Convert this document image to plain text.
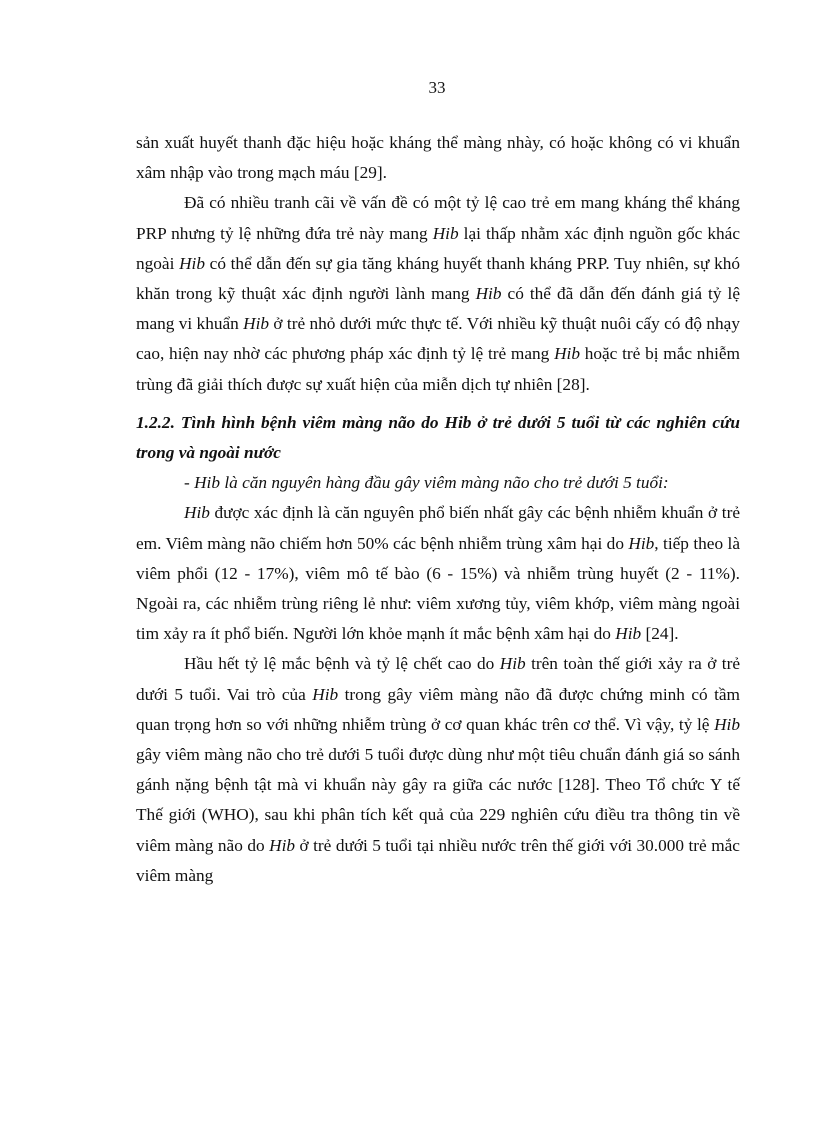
33

sản xuất huyết thanh đặc hiệu hoặc kháng thể màng nhày, có hoặc không có vi khuẩn xâm nhập vào trong mạch máu [29].

Đã có nhiều tranh cãi về vấn đề có một tỷ lệ cao trẻ em mang kháng thể kháng PRP nhưng tỷ lệ những đứa trẻ này mang Hib lại thấp nhằm xác định nguồn gốc khác ngoài Hib có thể dẫn đến sự gia tăng kháng huyết thanh kháng PRP. Tuy nhiên, sự khó khăn trong kỹ thuật xác định người lành mang Hib có thể đã dẫn đến đánh giá tỷ lệ mang vi khuẩn Hib ở trẻ nhỏ dưới mức thực tế. Với nhiều kỹ thuật nuôi cấy có độ nhạy cao, hiện nay nhờ các phương pháp xác định tỷ lệ trẻ mang Hib hoặc trẻ bị mắc nhiễm trùng đã giải thích được sự xuất hiện của miễn dịch tự nhiên [28].

1.2.2. Tình hình bệnh viêm màng não do Hib ở trẻ dưới 5 tuổi từ các nghiên cứu trong và ngoài nước

- Hib là căn nguyên hàng đầu gây viêm màng não cho trẻ dưới 5 tuổi:

Hib được xác định là căn nguyên phổ biến nhất gây các bệnh nhiễm khuẩn ở trẻ em. Viêm màng não chiếm hơn 50% các bệnh nhiễm trùng xâm hại do Hib, tiếp theo là viêm phổi (12 - 17%), viêm mô tế bào (6 - 15%) và nhiễm trùng huyết (2 - 11%). Ngoài ra, các nhiễm trùng riêng lẻ như: viêm xương tủy, viêm khớp, viêm màng ngoài tim xảy ra ít phổ biến. Người lớn khỏe mạnh ít mắc bệnh xâm hại do Hib [24].

Hầu hết tỷ lệ mắc bệnh và tỷ lệ chết cao do Hib trên toàn thế giới xảy ra ở trẻ dưới 5 tuổi. Vai trò của Hib trong gây viêm màng não đã được chứng minh có tầm quan trọng hơn so với những nhiễm trùng ở cơ quan khác trên cơ thể. Vì vậy, tỷ lệ Hib gây viêm màng não cho trẻ dưới 5 tuổi được dùng như một tiêu chuẩn đánh giá so sánh gánh nặng bệnh tật mà vi khuẩn này gây ra giữa các nước [128]. Theo Tổ chức Y tế Thế giới (WHO), sau khi phân tích kết quả của 229 nghiên cứu điều tra thông tin về viêm màng não do Hib ở trẻ dưới 5 tuổi tại nhiều nước trên thế giới với 30.000 trẻ mắc viêm màng
